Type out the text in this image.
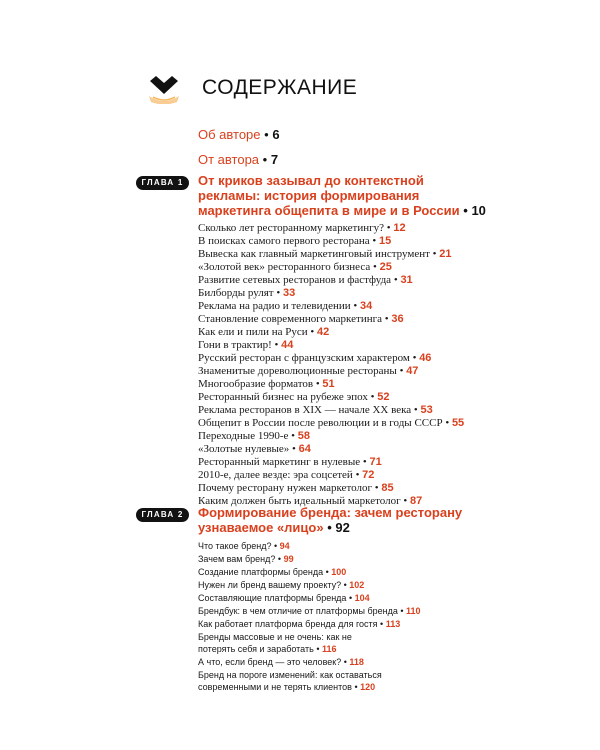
СОДЕРЖАНИЕ
Об авторе • 6
От автора • 7
ГЛАВА 1	От криков зазывал до контекстной рекламы: история формирования маркетинга общепита в мире и в России • 10
Сколько лет ресторанному маркетингу? • 12
В поисках самого первого ресторана • 15
Вывеска как главный маркетинговый инструмент • 21
«Золотой век» ресторанного бизнеса • 25
Развитие сетевых ресторанов и фастфуда • 31
Билборды рулят • 33
Реклама на радио и телевидении • 34
Становление современного маркетинга • 36
Как ели и пили на Руси • 42
Гони в трактир! • 44
Русский ресторан с французским характером • 46
Знаменитые дореволюционные рестораны • 47
Многообразие форматов • 51
Ресторанный бизнес на рубеже эпох • 52
Реклама ресторанов в XIX — начале XX века • 53
Общепит в России после революции и в годы СССР • 55
Переходные 1990-е • 58
«Золотые нулевые» • 64
Ресторанный маркетинг в нулевые • 71
2010-е, далее везде: эра соцсетей • 72
Почему ресторану нужен маркетолог • 85
Каким должен быть идеальный маркетолог • 87
ГЛАВА 2	Формирование бренда: зачем ресторану узнаваемое «лицо» • 92
Что такое бренд? • 94
Зачем вам бренд? • 99
Создание платформы бренда • 100
Нужен ли бренд вашему проекту? • 102
Составляющие платформы бренда • 104
Брендбук: в чем отличие от платформы бренда • 110
Как работает платформа бренда для гостя • 113
Бренды массовые и не очень: как не потерять себя и заработать • 116
А что, если бренд — это человек? • 118
Бренд на пороге изменений: как оставаться современными и не терять клиентов • 120
